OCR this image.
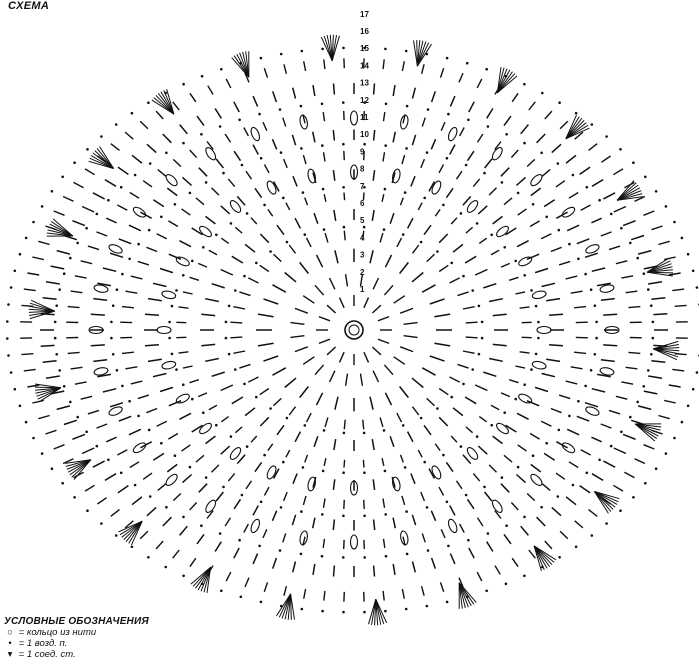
СХЕМА
1
2
3
4
5
6
7
8
9
10
11
12
13
14
15
16
17
УСЛОВНЫЕ ОБОЗНАЧЕНИЯ
○ = кольцо из нити
• = 1 возд. п.
▾ = 1 соед. ст.
